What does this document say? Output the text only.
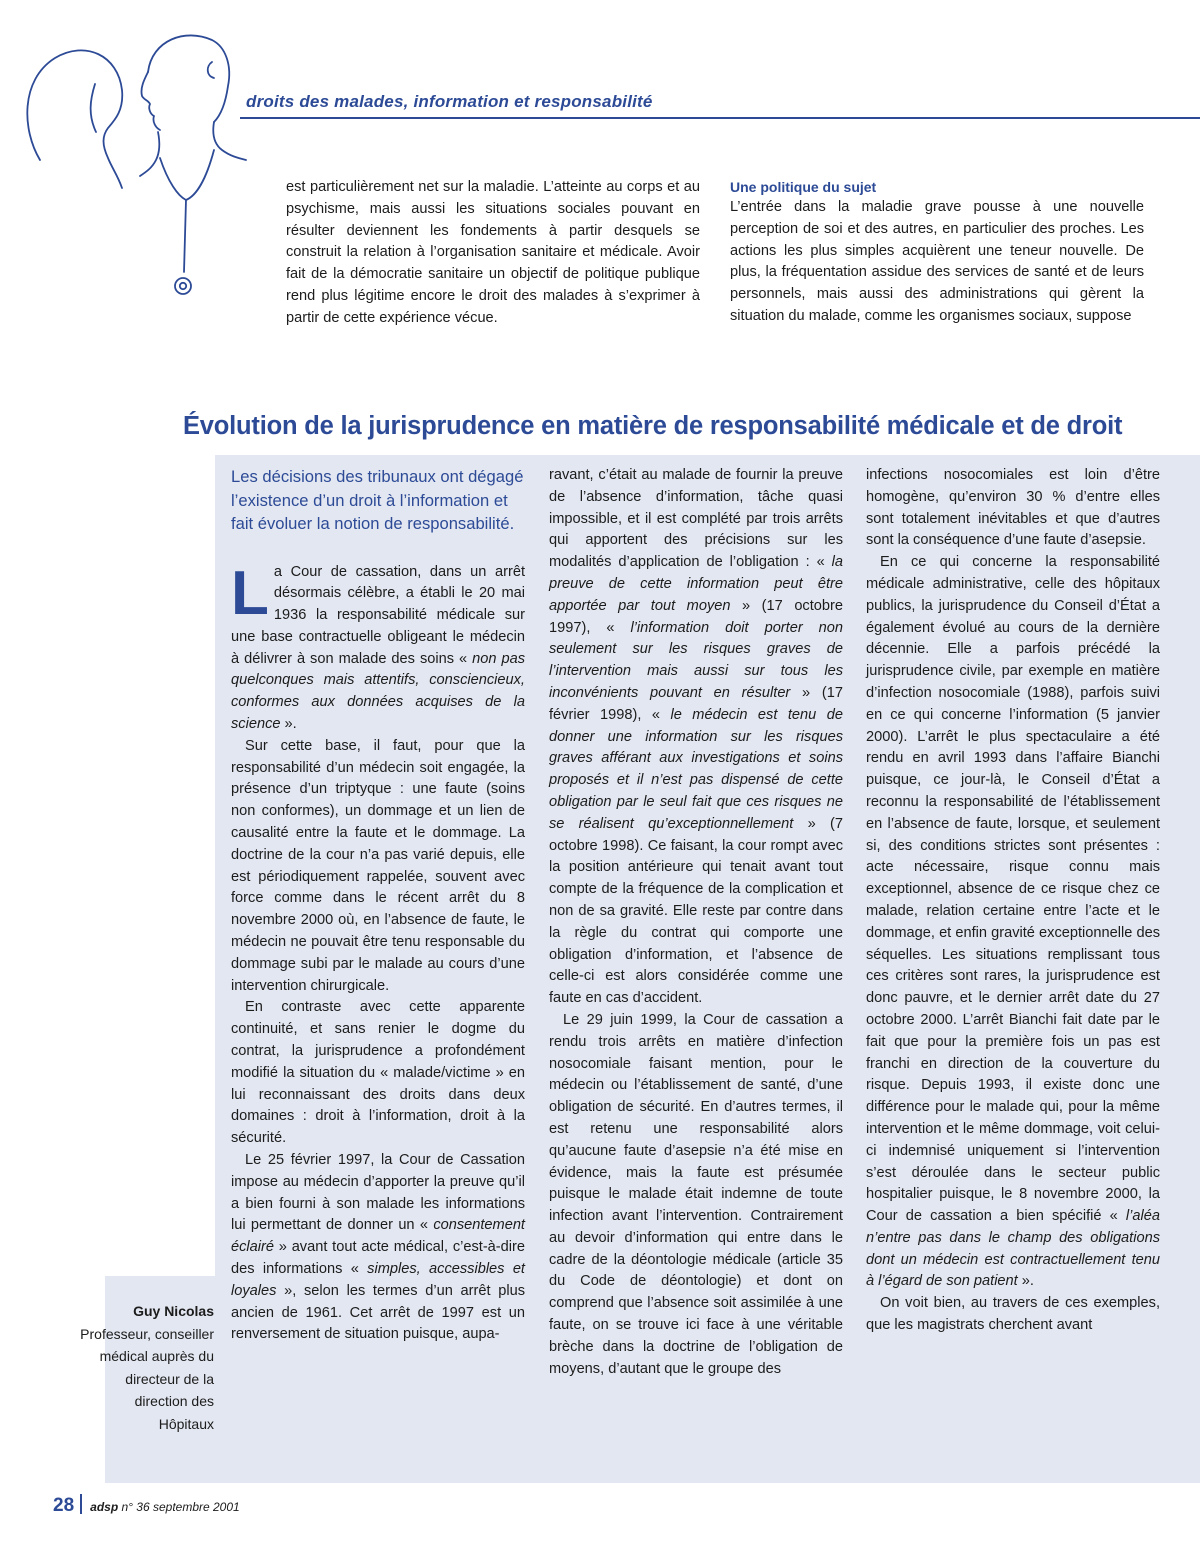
droits des malades, information et responsabilité
est particulièrement net sur la maladie. L’atteinte au corps et au psychisme, mais aussi les situations sociales pouvant en résulter deviennent les fondements à partir desquels se construit la relation à l’organisation sanitaire et médicale. Avoir fait de la démocratie sanitaire un objectif de politique publique rend plus légitime encore le droit des malades à s’exprimer à partir de cette expérience vécue.
Une politique du sujet
L’entrée dans la maladie grave pousse à une nouvelle perception de soi et des autres, en particulier des proches. Les actions les plus simples acquièrent une teneur nouvelle. De plus, la fréquentation assidue des services de santé et de leurs personnels, mais aussi des administrations qui gèrent la situation du malade, comme les organismes sociaux, suppose
Évolution de la jurisprudence en matière de responsabilité médicale et de droit
Guy Nicolas
Professeur, conseiller médical auprès du directeur de la direction des Hôpitaux
Les décisions des tribunaux ont dégagé l’existence d’un droit à l’information et fait évoluer la notion de responsabilité.

La Cour de cassation, dans un arrêt désormais célèbre, a établi le 20 mai 1936 la responsabilité médicale sur une base contractuelle obligeant le médecin à délivrer à son malade des soins « non pas quelconques mais attentifs, consciencieux, conformes aux données acquises de la science ».

Sur cette base, il faut, pour que la responsabilité d’un médecin soit engagée, la présence d’un triptyque : une faute (soins non conformes), un dommage et un lien de causalité entre la faute et le dommage. La doctrine de la cour n’a pas varié depuis, elle est périodiquement rappelée, souvent avec force comme dans le récent arrêt du 8 novembre 2000 où, en l’absence de faute, le médecin ne pouvait être tenu responsable du dommage subi par le malade au cours d’une intervention chirurgicale.

En contraste avec cette apparente continuité, et sans renier le dogme du contrat, la jurisprudence a profondément modifié la situation du « malade/victime » en lui reconnaissant des droits dans deux domaines : droit à l’information, droit à la sécurité.

Le 25 février 1997, la Cour de Cassation impose au médecin d’apporter la preuve qu’il a bien fourni à son malade les informations lui permettant de donner un « consentement éclairé » avant tout acte médical, c’est-à-dire des informations « simples, accessibles et loyales », selon les termes d’un arrêt plus ancien de 1961. Cet arrêt de 1997 est un renversement de situation puisque, aupa-

ravant, c’était au malade de fournir la preuve de l’absence d’information, tâche quasi impossible, et il est complété par trois arrêts qui apportent des précisions sur les modalités d’application de l’obligation : « la preuve de cette information peut être apportée par tout moyen » (17 octobre 1997), « l’information doit porter non seulement sur les risques graves de l’intervention mais aussi sur tous les inconvénients pouvant en résulter » (17 février 1998), « le médecin est tenu de donner une information sur les risques graves afférant aux investigations et soins proposés et il n’est pas dispensé de cette obligation par le seul fait que ces risques ne se réalisent qu’exceptionnellement » (7 octobre 1998). Ce faisant, la cour rompt avec la position antérieure qui tenait avant tout compte de la fréquence de la complication et non de sa gravité. Elle reste par contre dans la règle du contrat qui comporte une obligation d’information, et l’absence de celle-ci est alors considérée comme une faute en cas d’accident.

Le 29 juin 1999, la Cour de cassation a rendu trois arrêts en matière d’infection nosocomiale faisant mention, pour le médecin ou l’établissement de santé, d’une obligation de sécurité. En d’autres termes, il est retenu une responsabilité alors qu’aucune faute d’asepsie n’a été mise en évidence, mais la faute est présumée puisque le malade était indemne de toute infection avant l’intervention. Contrairement au devoir d’information qui entre dans le cadre de la déontologie médicale (article 35 du Code de déontologie) et dont on comprend que l’absence soit assimilée à une faute, on se trouve ici face à une véritable brèche dans la doctrine de l’obligation de moyens, d’autant que le groupe des

infections nosocomiales est loin d’être homogène, qu’environ 30 % d’entre elles sont totalement inévitables et que d’autres sont la conséquence d’une faute d’asepsie.

En ce qui concerne la responsabilité médicale administrative, celle des hôpitaux publics, la jurisprudence du Conseil d’État a également évolué au cours de la dernière décennie. Elle a parfois précédé la jurisprudence civile, par exemple en matière d’infection nosocomiale (1988), parfois suivi en ce qui concerne l’information (5 janvier 2000). L’arrêt le plus spectaculaire a été rendu en avril 1993 dans l’affaire Bianchi puisque, ce jour-là, le Conseil d’État a reconnu la responsabilité de l’établissement en l’absence de faute, lorsque, et seulement si, des conditions strictes sont présentes : acte nécessaire, risque connu mais exceptionnel, absence de ce risque chez ce malade, relation certaine entre l’acte et le dommage, et enfin gravité exceptionnelle des séquelles. Les situations remplissant tous ces critères sont rares, la jurisprudence est donc pauvre, et le dernier arrêt date du 27 octobre 2000. L’arrêt Bianchi fait date par le fait que pour la première fois un pas est franchi en direction de la couverture du risque. Depuis 1993, il existe donc une différence pour le malade qui, pour la même intervention et le même dommage, voit celui-ci indemnisé uniquement si l’intervention s’est déroulée dans le secteur public hospitalier puisque, le 8 novembre 2000, la Cour de cassation a bien spécifié « l’aléa n’entre pas dans le champ des obligations dont un médecin est contractuellement tenu à l’égard de son patient ».

On voit bien, au travers de ces exemples, que les magistrats cherchent avant

28 adsp n° 36 septembre 2001
